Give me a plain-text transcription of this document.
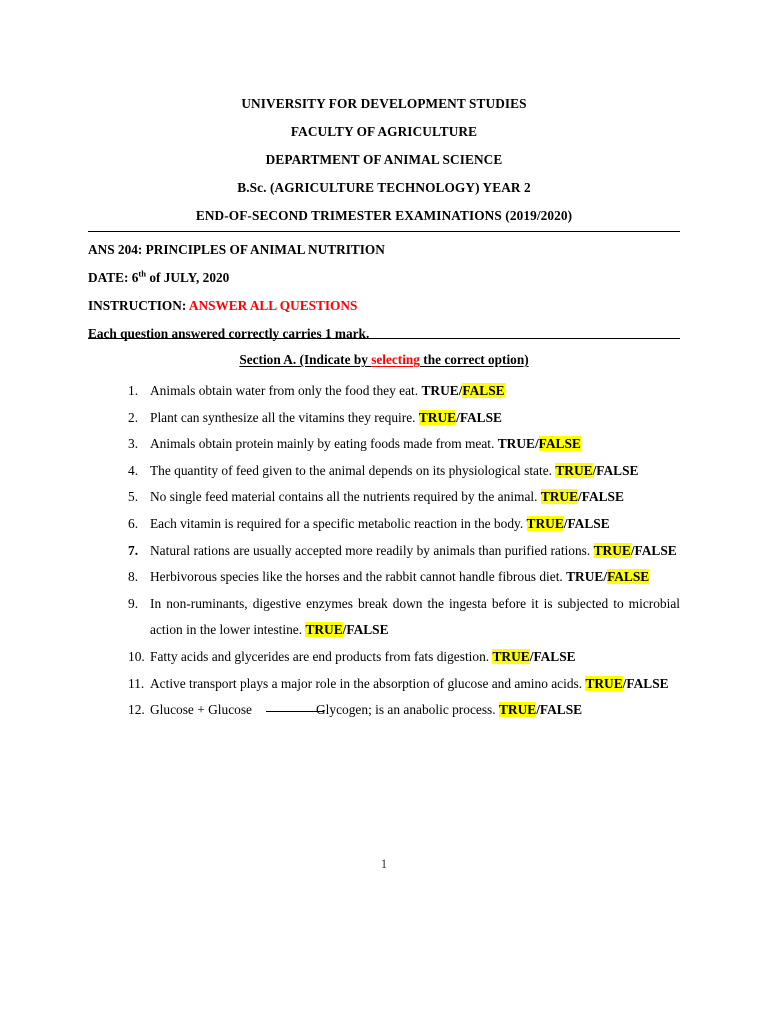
UNIVERSITY FOR DEVELOPMENT STUDIES
FACULTY OF AGRICULTURE
DEPARTMENT OF ANIMAL SCIENCE
B.Sc. (AGRICULTURE TECHNOLOGY) YEAR 2
END-OF-SECOND TRIMESTER EXAMINATIONS (2019/2020)
ANS 204: PRINCIPLES OF ANIMAL NUTRITION
DATE: 6th of JULY, 2020
INSTRUCTION: ANSWER ALL QUESTIONS
Each question answered correctly carries 1 mark.
Section A. (Indicate by selecting the correct option)
1. Animals obtain water from only the food they eat. TRUE/FALSE
2. Plant can synthesize all the vitamins they require. TRUE/FALSE
3. Animals obtain protein mainly by eating foods made from meat. TRUE/FALSE
4. The quantity of feed given to the animal depends on its physiological state. TRUE/FALSE
5. No single feed material contains all the nutrients required by the animal. TRUE/FALSE
6. Each vitamin is required for a specific metabolic reaction in the body. TRUE/FALSE
7. Natural rations are usually accepted more readily by animals than purified rations. TRUE/FALSE
8. Herbivorous species like the horses and the rabbit cannot handle fibrous diet. TRUE/FALSE
9. In non-ruminants, digestive enzymes break down the ingesta before it is subjected to microbial action in the lower intestine. TRUE/FALSE
10. Fatty acids and glycerides are end products from fats digestion. TRUE/FALSE
11. Active transport plays a major role in the absorption of glucose and amino acids. TRUE/FALSE
12. Glucose + Glucose	Glycogen; is an anabolic process. TRUE/FALSE
1
